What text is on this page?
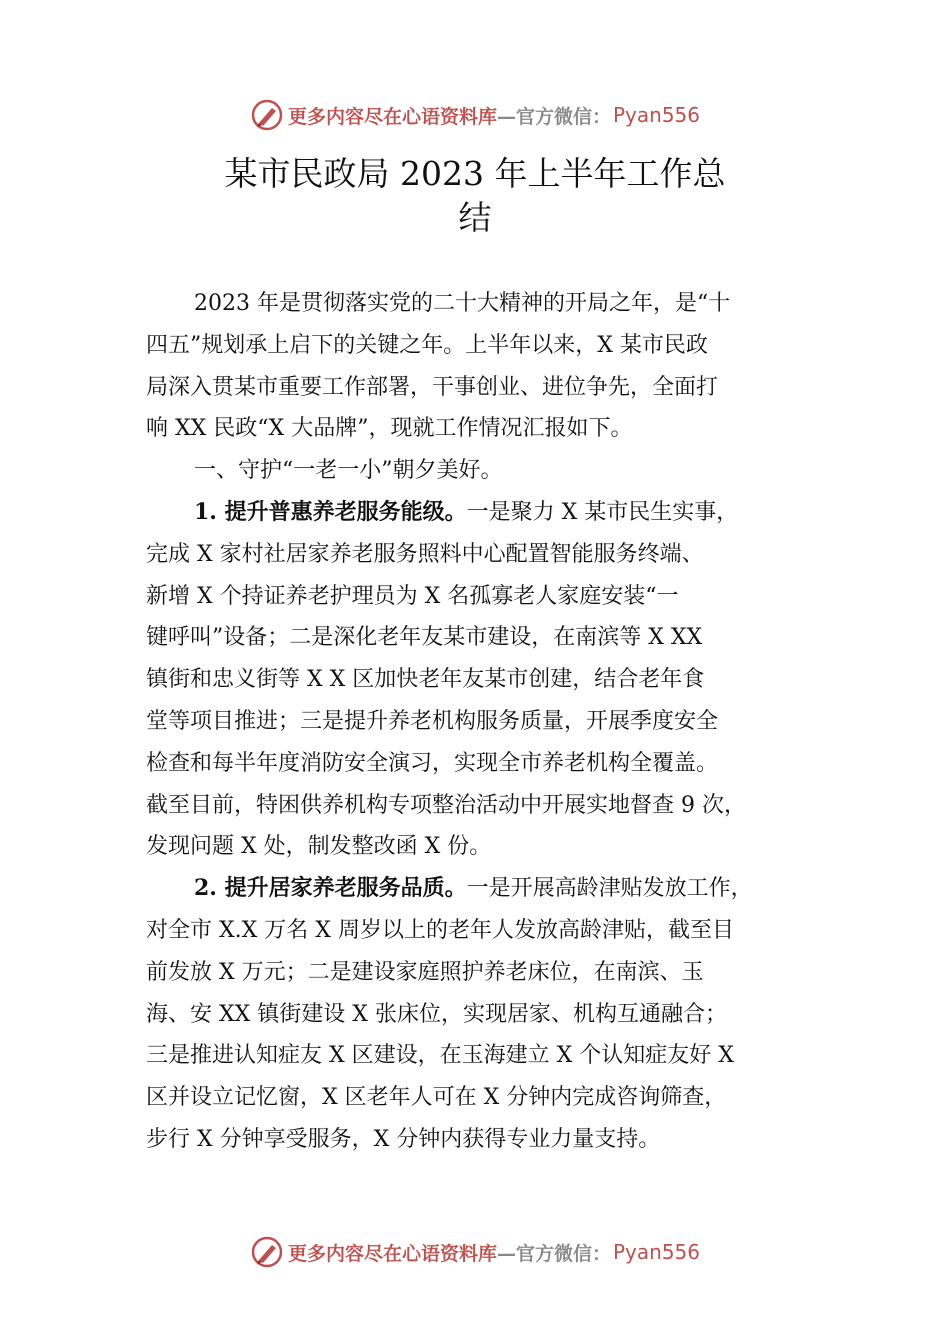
更多内容尽在心语资料库 —官方微信： Pyan556
某市民政局 2023 年上半年工作总
结
2023 年是贯彻落实党的二十大精神的开局之年，是“十
四五”规划承上启下的关键之年。上半年以来，X 某市民政
局深入贯某市重要工作部署，干事创业、进位争先，全面打
响 XX 民政“X 大品牌”，现就工作情况汇报如下。
一、守护“一老一小”朝夕美好。
1. 提升普惠养老服务能级。 一是聚力 X 某市民生实事，
完成 X 家村社居家养老服务照料中心配置智能服务终端、
新增 X 个持证养老护理员为 X 名孤寡老人家庭安装“一
键呼叫”设备；二是深化老年友某市建设，在南滨等 X XX
镇街和忠义街等 X X 区加快老年友某市创建，结合老年食
堂等项目推进；三是提升养老机构服务质量，开展季度安全
检查和每半年度消防安全演习，实现全市养老机构全覆盖。
截至目前，特困供养机构专项整治活动中开展实地督查 9 次，
发现问题 X 处，制发整改函 X 份。
2. 提升居家养老服务品质。 一是开展高龄津贴发放工作，
对全市 X.X 万名 X 周岁以上的老年人发放高龄津贴，截至目
前发放 X 万元；二是建设家庭照护养老床位，在南滨、玉
海、安 XX 镇街建设 X 张床位，实现居家、机构互通融合；
三是推进认知症友 X 区建设，在玉海建立 X 个认知症友好 X
区并设立记忆窗，X 区老年人可在 X 分钟内完成咨询筛查，
步行 X 分钟享受服务，X 分钟内获得专业力量支持。
更多内容尽在心语资料库 —官方微信： Pyan556
